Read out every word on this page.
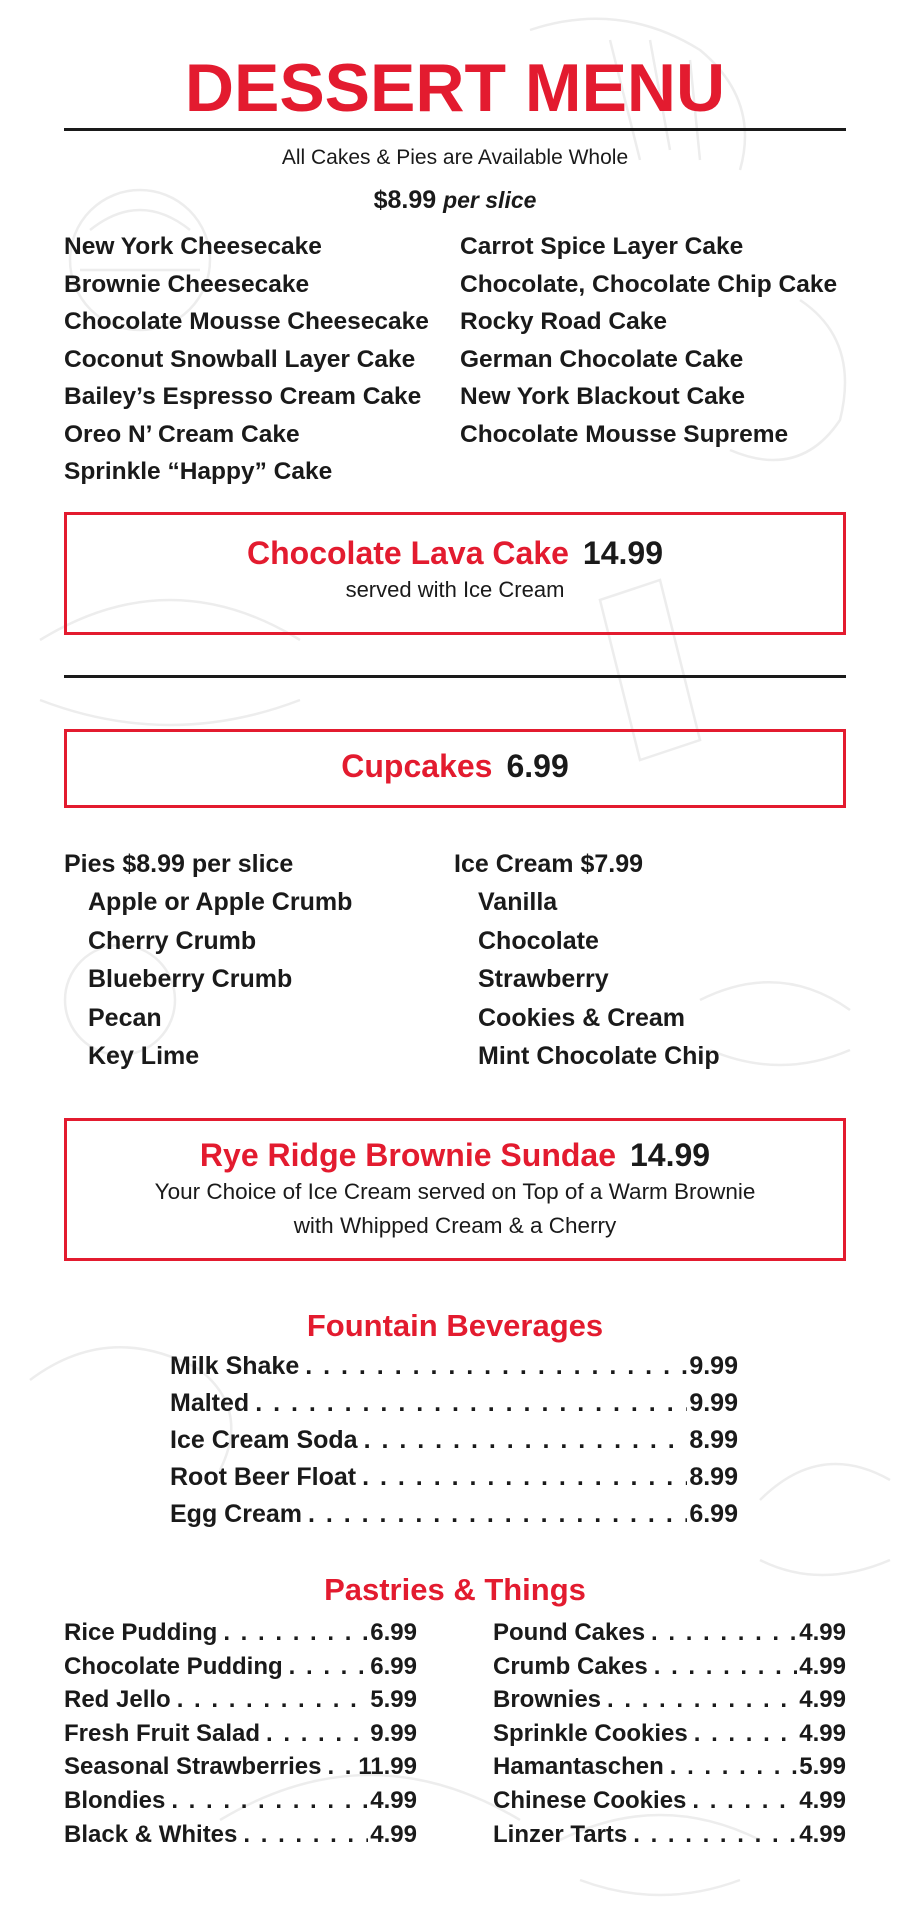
DESSERT MENU
All Cakes & Pies are Available Whole
$8.99 per slice
New York Cheesecake
Brownie Cheesecake
Chocolate Mousse Cheesecake
Coconut Snowball Layer Cake
Bailey’s Espresso Cream Cake
Oreo N’ Cream Cake
Sprinkle “Happy” Cake
Carrot Spice Layer Cake
Chocolate, Chocolate Chip Cake
Rocky Road Cake
German Chocolate Cake
New York Blackout Cake
Chocolate Mousse Supreme
Chocolate Lava Cake 14.99
served with Ice Cream
Cupcakes 6.99
Pies $8.99 per slice
Apple or Apple Crumb
Cherry Crumb
Blueberry Crumb
Pecan
Key Lime
Ice Cream $7.99
Vanilla
Chocolate
Strawberry
Cookies & Cream
Mint Chocolate Chip
Rye Ridge Brownie Sundae 14.99
Your Choice of Ice Cream served on Top of a Warm Brownie
with Whipped Cream & a Cherry
Fountain Beverages
Milk Shake . . .	9.99
Malted . . .	9.99
Ice Cream Soda . . .	8.99
Root Beer Float . . .	8.99
Egg Cream . . .	6.99
Pastries & Things
Rice Pudding . . .	6.99
Chocolate Pudding . . .	6.99
Red Jello . . .	5.99
Fresh Fruit Salad . . .	9.99
Seasonal Strawberries . . . 11.99
Blondies . . .	4.99
Black & Whites . . .	4.99
Pound Cakes . . .	4.99
Crumb Cakes . . .	4.99
Brownies . . .	4.99
Sprinkle Cookies . . .	4.99
Hamantaschen . . .	5.99
Chinese Cookies . . .	4.99
Linzer Tarts . . .	4.99
